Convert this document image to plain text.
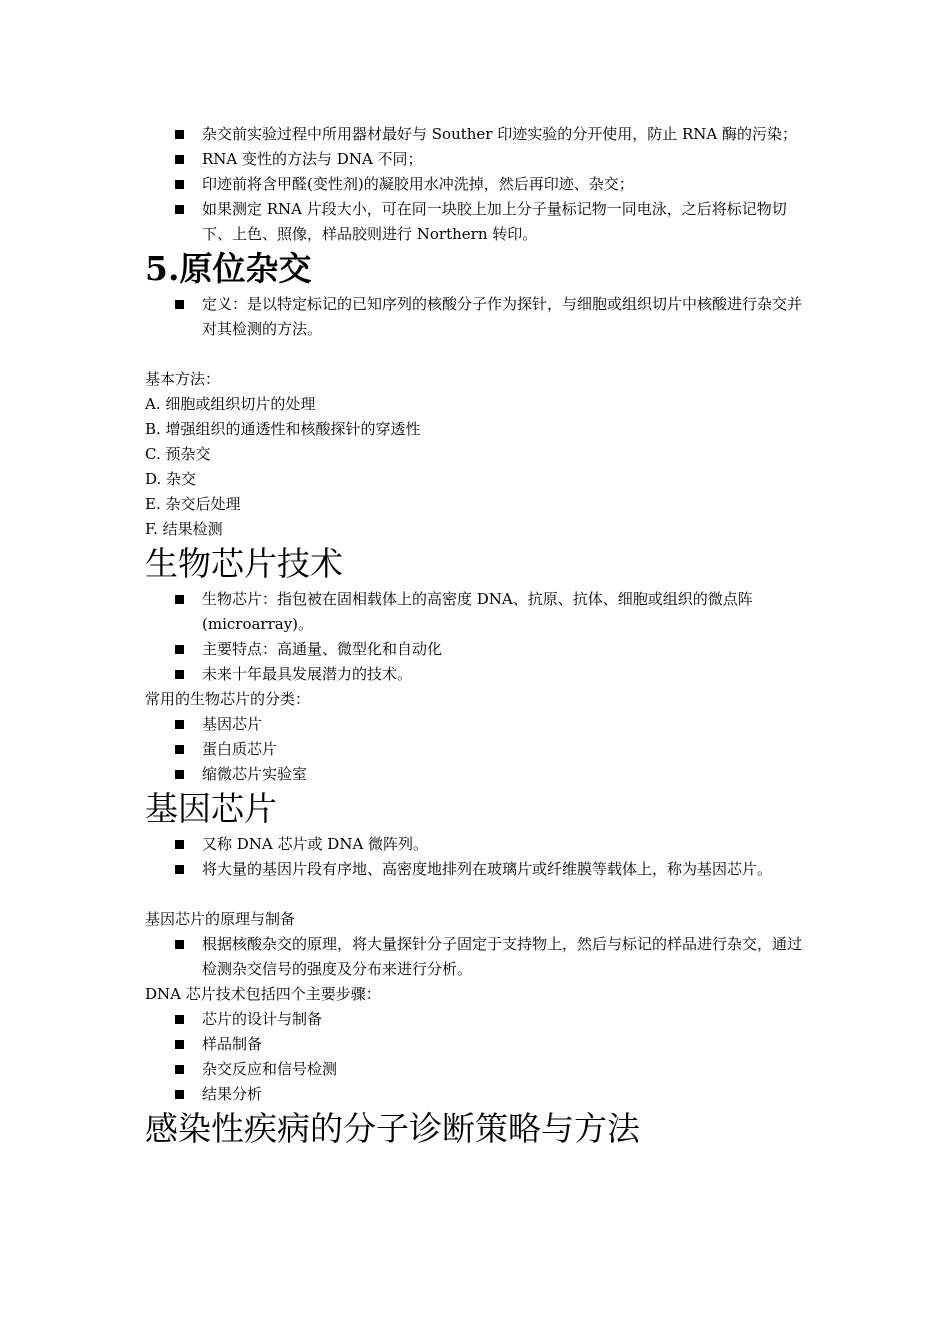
杂交前实验过程中所用器材最好与 Souther 印迹实验的分开使用，防止 RNA 酶的污染；
RNA 变性的方法与 DNA 不同；
印迹前将含甲醛(变性剂)的凝胶用水冲洗掉，然后再印迹、杂交；
如果测定 RNA 片段大小，可在同一块胶上加上分子量标记物一同电泳，之后将标记物切下、上色、照像，样品胶则进行 Northern 转印。
5.原位杂交
定义：是以特定标记的已知序列的核酸分子作为探针，与细胞或组织切片中核酸进行杂交并对其检测的方法。

基本方法：

A. 细胞或组织切片的处理

B. 增强组织的通透性和核酸探针的穿透性

C. 预杂交

D. 杂交

E. 杂交后处理

F. 结果检测

生物芯片技术
生物芯片：指包被在固相载体上的高密度 DNA、抗原、抗体、细胞或组织的微点阵(microarray)。
主要特点：高通量、微型化和自动化
未来十年最具发展潜力的技术。

常用的生物芯片的分类：

基因芯片
蛋白质芯片
缩微芯片实验室
基因芯片
又称 DNA 芯片或 DNA 微阵列。
将大量的基因片段有序地、高密度地排列在玻璃片或纤维膜等载体上，称为基因芯片。

基因芯片的原理与制备

根据核酸杂交的原理，将大量探针分子固定于支持物上，然后与标记的样品进行杂交，通过检测杂交信号的强度及分布来进行分析。

DNA 芯片技术包括四个主要步骤：

芯片的设计与制备
样品制备
杂交反应和信号检测
结果分析
感染性疾病的分子诊断策略与方法
